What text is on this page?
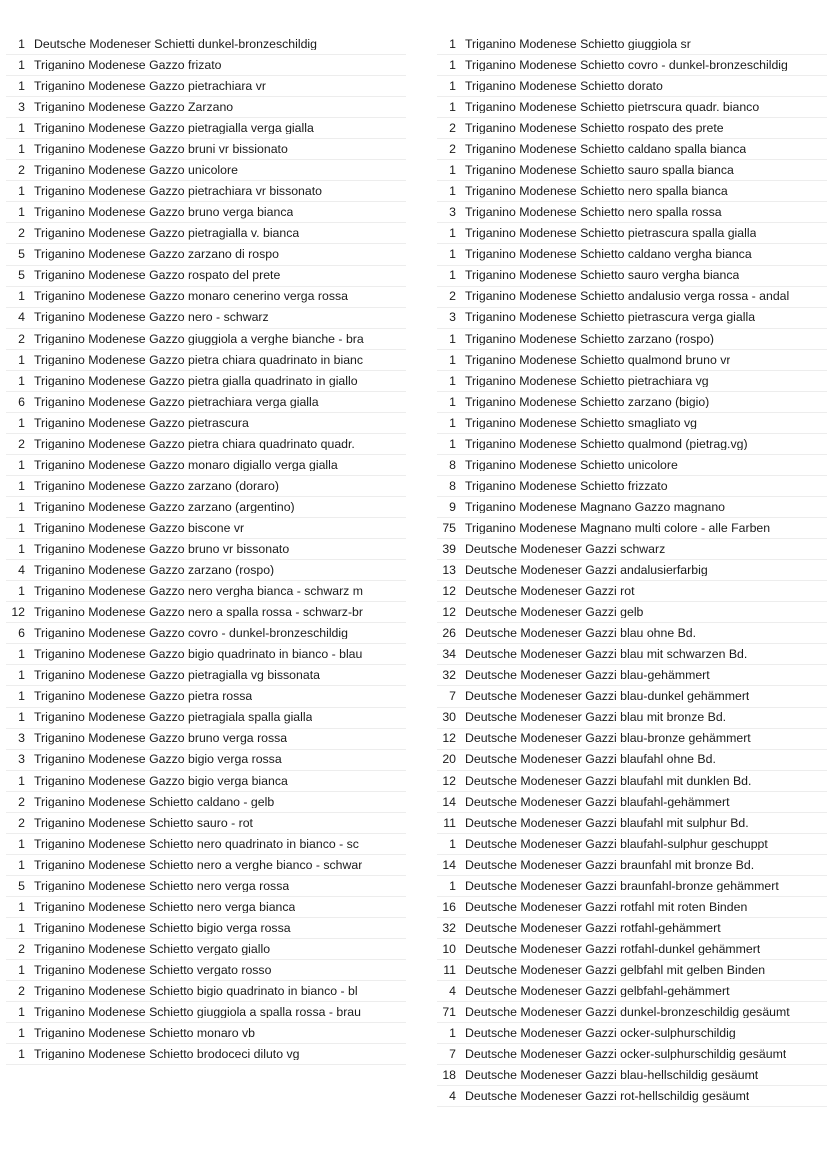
1 Deutsche Modeneser Schietti dunkel-bronzeschildig
1 Triganino Modenese Gazzo frizato
1 Triganino Modenese Gazzo pietrachiara vr
3 Triganino Modenese Gazzo Zarzano
1 Triganino Modenese Gazzo pietragialla verga gialla
1 Triganino Modenese Gazzo bruni vr bissionato
2 Triganino Modenese Gazzo unicolore
1 Triganino Modenese Gazzo pietrachiara vr bissonato
1 Triganino Modenese Gazzo bruno verga bianca
2 Triganino Modenese Gazzo pietragialla v. bianca
5 Triganino Modenese Gazzo zarzano di rospo
5 Triganino Modenese Gazzo rospato del prete
1 Triganino Modenese Gazzo monaro cenerino verga rossa
4 Triganino Modenese Gazzo nero - schwarz
2 Triganino Modenese Gazzo giuggiola a verghe bianche - bra
1 Triganino Modenese Gazzo pietra chiara quadrinato in bianc
1 Triganino Modenese Gazzo pietra gialla quadrinato in giallo
6 Triganino Modenese Gazzo pietrachiara verga gialla
1 Triganino Modenese Gazzo pietrascura
2 Triganino Modenese Gazzo pietra chiara quadrinato quadr.
1 Triganino Modenese Gazzo monaro digiallo verga gialla
1 Triganino Modenese Gazzo zarzano (doraro)
1 Triganino Modenese Gazzo zarzano (argentino)
1 Triganino Modenese Gazzo biscone vr
1 Triganino Modenese Gazzo bruno vr bissonato
4 Triganino Modenese Gazzo zarzano (rospo)
1 Triganino Modenese Gazzo nero vergha bianca - schwarz m
12 Triganino Modenese Gazzo nero a spalla rossa - schwarz-br
6 Triganino Modenese Gazzo covro - dunkel-bronzeschildig
1 Triganino Modenese Gazzo bigio quadrinato in bianco - blau
1 Triganino Modenese Gazzo pietragialla vg bissonata
1 Triganino Modenese Gazzo pietra rossa
1 Triganino Modenese Gazzo pietragiala spalla gialla
3 Triganino Modenese Gazzo bruno verga rossa
3 Triganino Modenese Gazzo bigio verga rossa
1 Triganino Modenese Gazzo bigio verga bianca
2 Triganino Modenese Schietto caldano - gelb
2 Triganino Modenese Schietto sauro - rot
1 Triganino Modenese Schietto nero quadrinato in bianco - sc
1 Triganino Modenese Schietto nero a verghe bianco - schwar
5 Triganino Modenese Schietto nero verga rossa
1 Triganino Modenese Schietto nero verga bianca
1 Triganino Modenese Schietto bigio verga rossa
2 Triganino Modenese Schietto vergato giallo
1 Triganino Modenese Schietto vergato rosso
2 Triganino Modenese Schietto bigio quadrinato in bianco - bl
1 Triganino Modenese Schietto giuggiola a spalla rossa - brau
1 Triganino Modenese Schietto monaro vb
1 Triganino Modenese Schietto brodoceci diluto vg
1 Triganino Modenese Schietto giuggiola sr
1 Triganino Modenese Schietto covro - dunkel-bronzeschildig
1 Triganino Modenese Schietto dorato
1 Triganino Modenese Schietto pietrscura quadr. bianco
2 Triganino Modenese Schietto rospato des prete
2 Triganino Modenese Schietto caldano spalla bianca
1 Triganino Modenese Schietto sauro spalla bianca
1 Triganino Modenese Schietto nero spalla bianca
3 Triganino Modenese Schietto nero spalla rossa
1 Triganino Modenese Schietto pietrascura spalla gialla
1 Triganino Modenese Schietto caldano vergha bianca
1 Triganino Modenese Schietto sauro vergha bianca
2 Triganino Modenese Schietto andalusio verga rossa - andal
3 Triganino Modenese Schietto pietrascura verga gialla
1 Triganino Modenese Schietto zarzano (rospo)
1 Triganino Modenese Schietto qualmond bruno vr
1 Triganino Modenese Schietto pietrachiara vg
1 Triganino Modenese Schietto zarzano (bigio)
1 Triganino Modenese Schietto smagliato vg
1 Triganino Modenese Schietto qualmond (pietrag.vg)
8 Triganino Modenese Schietto unicolore
8 Triganino Modenese Schietto frizzato
9 Triganino Modenese Magnano Gazzo magnano
75 Triganino Modenese Magnano multi colore - alle Farben
39 Deutsche Modeneser Gazzi schwarz
13 Deutsche Modeneser Gazzi andalusierfarbig
12 Deutsche Modeneser Gazzi rot
12 Deutsche Modeneser Gazzi gelb
26 Deutsche Modeneser Gazzi blau ohne Bd.
34 Deutsche Modeneser Gazzi blau mit schwarzen Bd.
32 Deutsche Modeneser Gazzi blau-gehämmert
7 Deutsche Modeneser Gazzi blau-dunkel gehämmert
30 Deutsche Modeneser Gazzi blau mit bronze Bd.
12 Deutsche Modeneser Gazzi blau-bronze gehämmert
20 Deutsche Modeneser Gazzi blaufahl ohne Bd.
12 Deutsche Modeneser Gazzi blaufahl mit dunklen Bd.
14 Deutsche Modeneser Gazzi blaufahl-gehämmert
11 Deutsche Modeneser Gazzi blaufahl mit sulphur Bd.
1 Deutsche Modeneser Gazzi blaufahl-sulphur geschuppt
14 Deutsche Modeneser Gazzi braunfahl mit bronze Bd.
1 Deutsche Modeneser Gazzi braunfahl-bronze gehämmert
16 Deutsche Modeneser Gazzi rotfahl mit roten Binden
32 Deutsche Modeneser Gazzi rotfahl-gehämmert
10 Deutsche Modeneser Gazzi rotfahl-dunkel gehämmert
11 Deutsche Modeneser Gazzi gelbfahl mit gelben Binden
4 Deutsche Modeneser Gazzi gelbfahl-gehämmert
71 Deutsche Modeneser Gazzi dunkel-bronzeschildig gesäumt
1 Deutsche Modeneser Gazzi ocker-sulphurschildig
7 Deutsche Modeneser Gazzi ocker-sulphurschildig gesäumt
18 Deutsche Modeneser Gazzi blau-hellschildig gesäumt
4 Deutsche Modeneser Gazzi rot-hellschildig gesäumt
